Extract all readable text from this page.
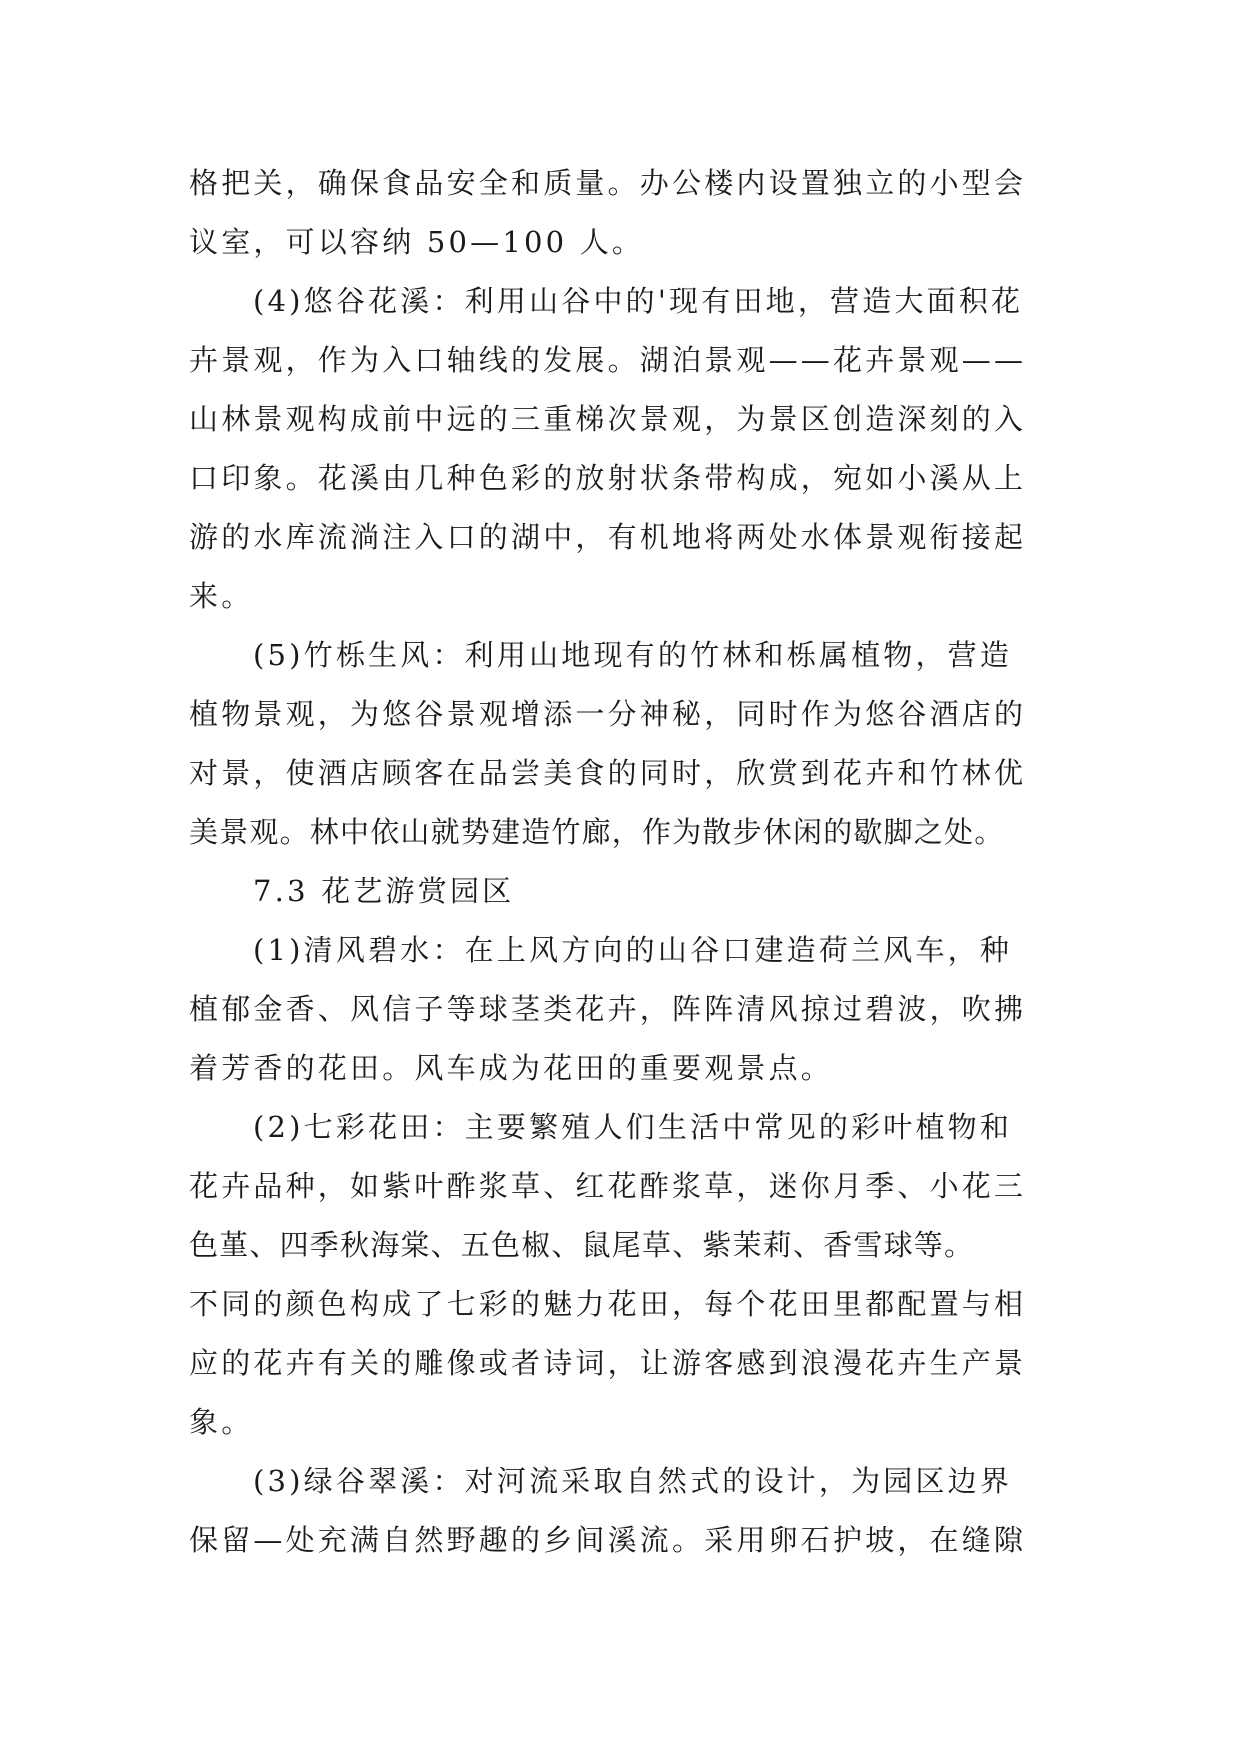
格把关，确保食品安全和质量。办公楼内设置独立的小型会
议室，可以容纳 50—100 人。
(4)悠谷花溪：利用山谷中的'现有田地，营造大面积花
卉景观，作为入口轴线的发展。湖泊景观——花卉景观——
山林景观构成前中远的三重梯次景观，为景区创造深刻的入
口印象。花溪由几种色彩的放射状条带构成，宛如小溪从上
游的水库流淌注入口的湖中，有机地将两处水体景观衔接起
来。
(5)竹栎生风：利用山地现有的竹林和栎属植物，营造
植物景观，为悠谷景观增添一分神秘，同时作为悠谷酒店的
对景，使酒店顾客在品尝美食的同时，欣赏到花卉和竹林优
美景观。林中依山就势建造竹廊，作为散步休闲的歇脚之处。
7.3 花艺游赏园区
(1)清风碧水：在上风方向的山谷口建造荷兰风车，种
植郁金香、风信子等球茎类花卉，阵阵清风掠过碧波，吹拂
着芳香的花田。风车成为花田的重要观景点。
(2)七彩花田：主要繁殖人们生活中常见的彩叶植物和
花卉品种，如紫叶酢浆草、红花酢浆草，迷你月季、小花三
色堇、四季秋海棠、五色椒、鼠尾草、紫茉莉、香雪球等。
不同的颜色构成了七彩的魅力花田，每个花田里都配置与相
应的花卉有关的雕像或者诗词，让游客感到浪漫花卉生产景
象。
(3)绿谷翠溪：对河流采取自然式的设计，为园区边界
保留—处充满自然野趣的乡间溪流。采用卵石护坡，在缝隙
